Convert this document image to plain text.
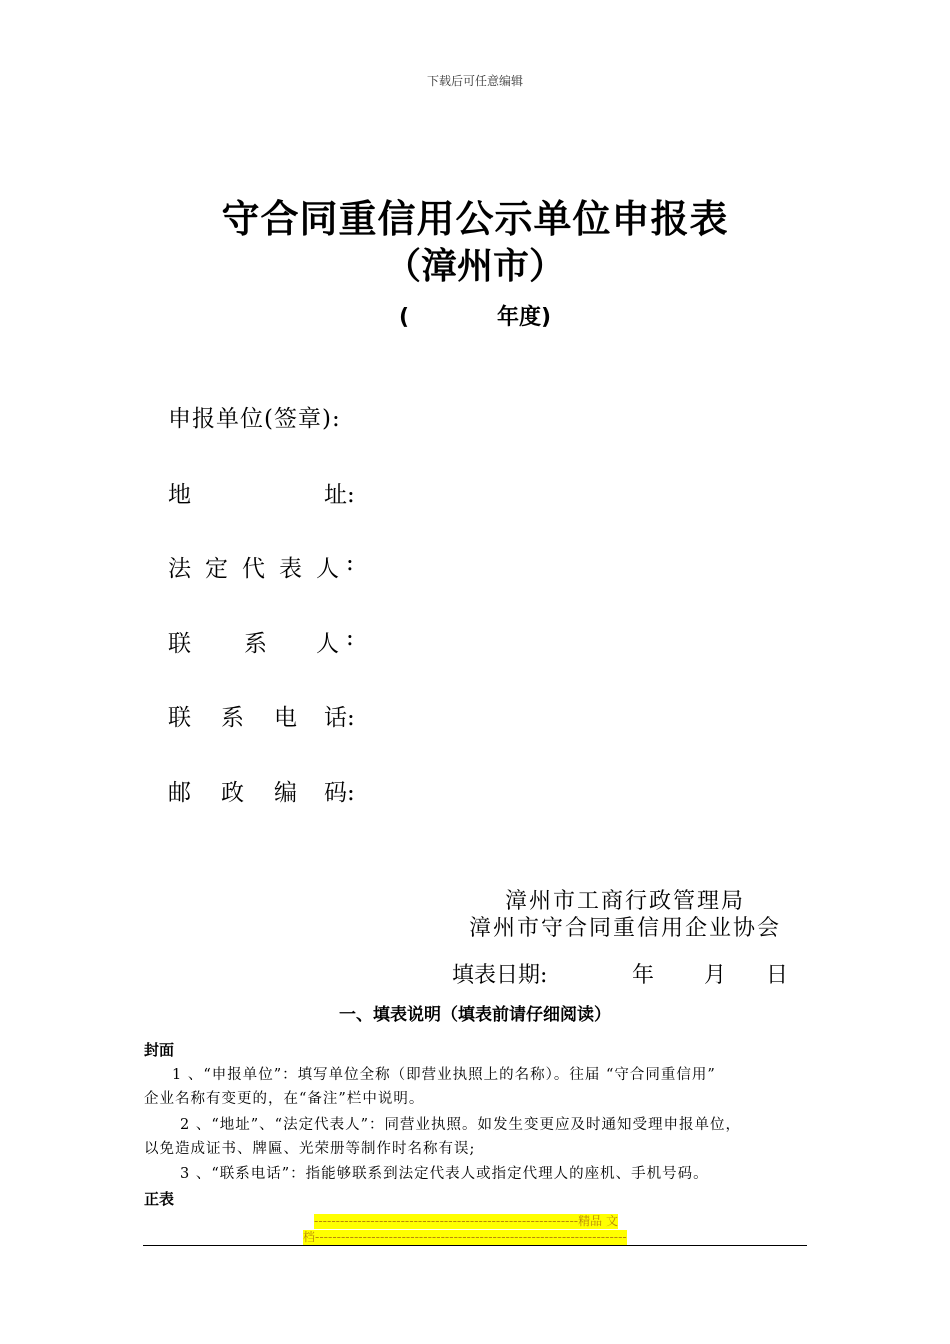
下载后可任意编辑
守合同重信用公示单位申报表
（漳州市）
(	年度)
申报单位(签章):
地	址:
法 定 代 表 人 :
联 系 人 :
联 系 电 话:
邮 政 编 码:
漳州市工商行政管理局
漳州市守合同重信用企业协会
填表日期:	年 月 日
一、填表说明（填表前请仔细阅读）
封面
1 、“申报单位”：填写单位全称（即营业执照上的名称）。往届 “守合同重信用”
企业名称有变更的，在“备注”栏中说明。
2 、“地址”、“法定代表人”：同营业执照。如发生变更应及时通知受理申报单位，
以免造成证书、牌匾、光荣册等制作时名称有误;
3 、“联系电话”：指能够联系到法定代表人或指定代理人的座机、手机号码。
正表
-------------------------------------------------------------精品 文
档------------------------------------------------------------------------
